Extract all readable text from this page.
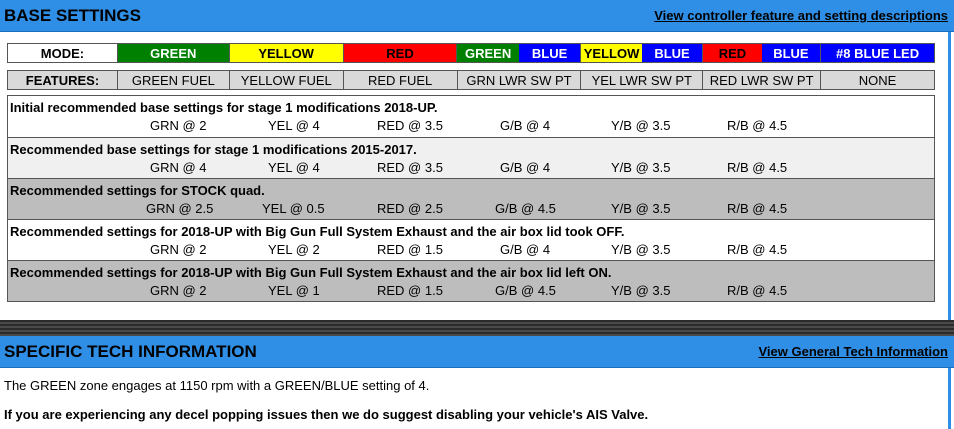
BASE SETTINGS	View controller feature and setting descriptions
MODE:	GREEN	YELLOW	RED	GREEN	BLUE	YELLOW	BLUE	RED	BLUE	#8 BLUE LED
FEATURES:	GREEN FUEL	YELLOW FUEL	RED FUEL	GRN LWR SW PT	YEL LWR SW PT	RED LWR SW PT	NONE
Initial recommended base settings for stage 1 modifications 2018-UP.
GRN @ 2	YEL @ 4	RED @ 3.5	G/B @ 4	Y/B @ 3.5	R/B @ 4.5
Recommended base settings for stage 1 modifications 2015-2017.
GRN @ 4	YEL @ 4	RED @ 3.5	G/B @ 4	Y/B @ 3.5	R/B @ 4.5
Recommended settings for STOCK quad.
GRN @ 2.5	YEL @ 0.5	RED @ 2.5	G/B @ 4.5	Y/B @ 3.5	R/B @ 4.5
Recommended settings for 2018-UP with Big Gun Full System Exhaust and the air box lid took OFF.
GRN @ 2	YEL @ 2	RED @ 1.5	G/B @ 4	Y/B @ 3.5	R/B @ 4.5
Recommended settings for 2018-UP with Big Gun Full System Exhaust and the air box lid left ON.
GRN @ 2	YEL @ 1	RED @ 1.5	G/B @ 4.5	Y/B @ 3.5	R/B @ 4.5
SPECIFIC TECH INFORMATION	View General Tech Information
The GREEN zone engages at 1150 rpm with a GREEN/BLUE setting of 4.
If you are experiencing any decel popping issues then we do suggest disabling your vehicle's AIS Valve.
